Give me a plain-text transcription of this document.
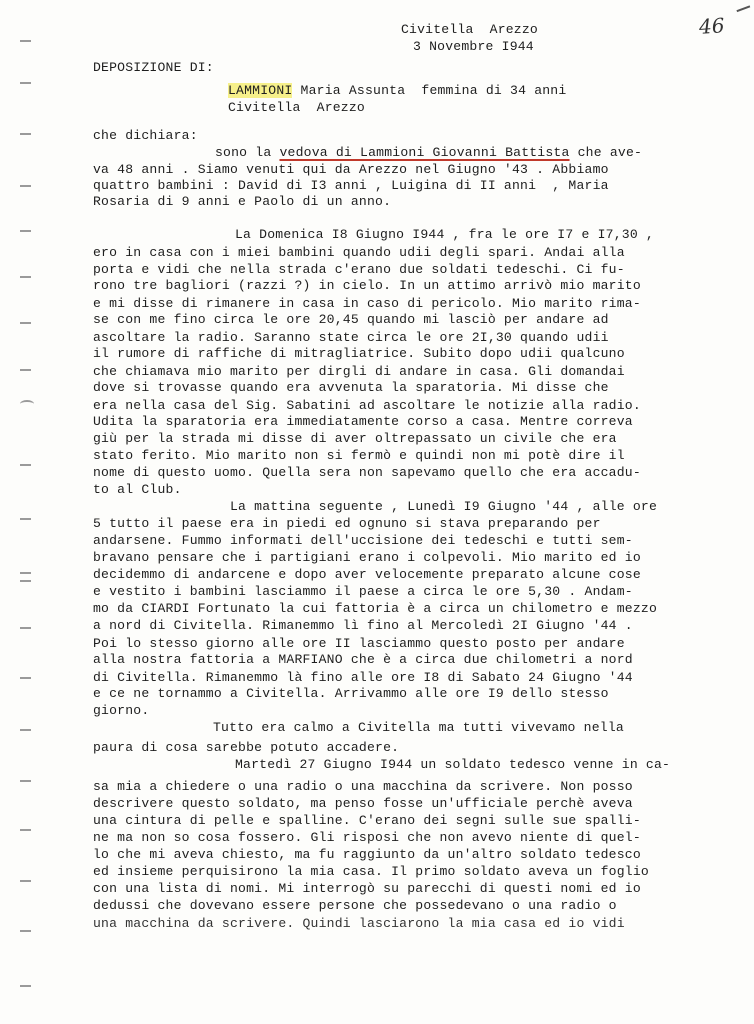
Civitella  Arezzo
3 Novembre I944
46
DEPOSIZIONE DI:
LAMMIONI Maria Assunta  femmina di 34 anni
Civitella  Arezzo
che dichiara:
sono la vedova di Lammioni Giovanni Battista che ave-
va 48 anni . Siamo venuti qui da Arezzo nel Giugno '43 . Abbiamo
quattro bambini : David di I3 anni , Luigina di II anni  , Maria
Rosaria di 9 anni e Paolo di un anno.
La Domenica I8 Giugno I944 , fra le ore I7 e I7,30 ,
ero in casa con i miei bambini quando udii degli spari. Andai alla
porta e vidi che nella strada c'erano due soldati tedeschi. Ci fu-
rono tre bagliori (razzi ?) in cielo. In un attimo arrivò mio marito
e mi disse di rimanere in casa in caso di pericolo. Mio marito rima-
se con me fino circa le ore 20,45 quando mi lasciò per andare ad
ascoltare la radio. Saranno state circa le ore 2I,30 quando udii
il rumore di raffiche di mitragliatrice. Subito dopo udii qualcuno
che chiamava mio marito per dirgli di andare in casa. Gli domandai
dove si trovasse quando era avvenuta la sparatoria. Mi disse che
era nella casa del Sig. Sabatini ad ascoltare le notizie alla radio.
Udita la sparatoria era immediatamente corso a casa. Mentre correva
giù per la strada mi disse di aver oltrepassato un civile che era
stato ferito. Mio marito non si fermò e quindi non mi potè dire il
nome di questo uomo. Quella sera non sapevamo quello che era accadu-
to al Club.
La mattina seguente , Lunedì I9 Giugno '44 , alle ore
5 tutto il paese era in piedi ed ognuno si stava preparando per
andarsene. Fummo informati dell'uccisione dei tedeschi e tutti sem-
bravano pensare che i partigiani erano i colpevoli. Mio marito ed io
decidemmo di andarcene e dopo aver velocemente preparato alcune cose
e vestito i bambini lasciammo il paese a circa le ore 5,30 . Andam-
mo da CIARDI Fortunato la cui fattoria è a circa un chilometro e mezzo
a nord di Civitella. Rimanemmo lì fino al Mercoledì 2I Giugno '44 .
Poi lo stesso giorno alle ore II lasciammo questo posto per andare
alla nostra fattoria a MARFIANO che è a circa due chilometri a nord
di Civitella. Rimanemmo là fino alle ore I8 di Sabato 24 Giugno '44
e ce ne tornammo a Civitella. Arrivammo alle ore I9 dello stesso
giorno.
Tutto era calmo a Civitella ma tutti vivevamo nella
paura di cosa sarebbe potuto accadere.
Martedì 27 Giugno I944 un soldato tedesco venne in ca-
sa mia a chiedere o una radio o una macchina da scrivere. Non posso
descrivere questo soldato, ma penso fosse un'ufficiale perchè aveva
una cintura di pelle e spalline. C'erano dei segni sulle sue spalli-
ne ma non so cosa fossero. Gli risposi che non avevo niente di quel-
lo che mi aveva chiesto, ma fu raggiunto da un'altro soldato tedesco
ed insieme perquisirono la mia casa. Il primo soldato aveva un foglio
con una lista di nomi. Mi interrogò su parecchi di questi nomi ed io
dedussi che dovevano essere persone che possedevano o una radio o
una macchina da scrivere. Quindi lasciarono la mia casa ed io vidi
